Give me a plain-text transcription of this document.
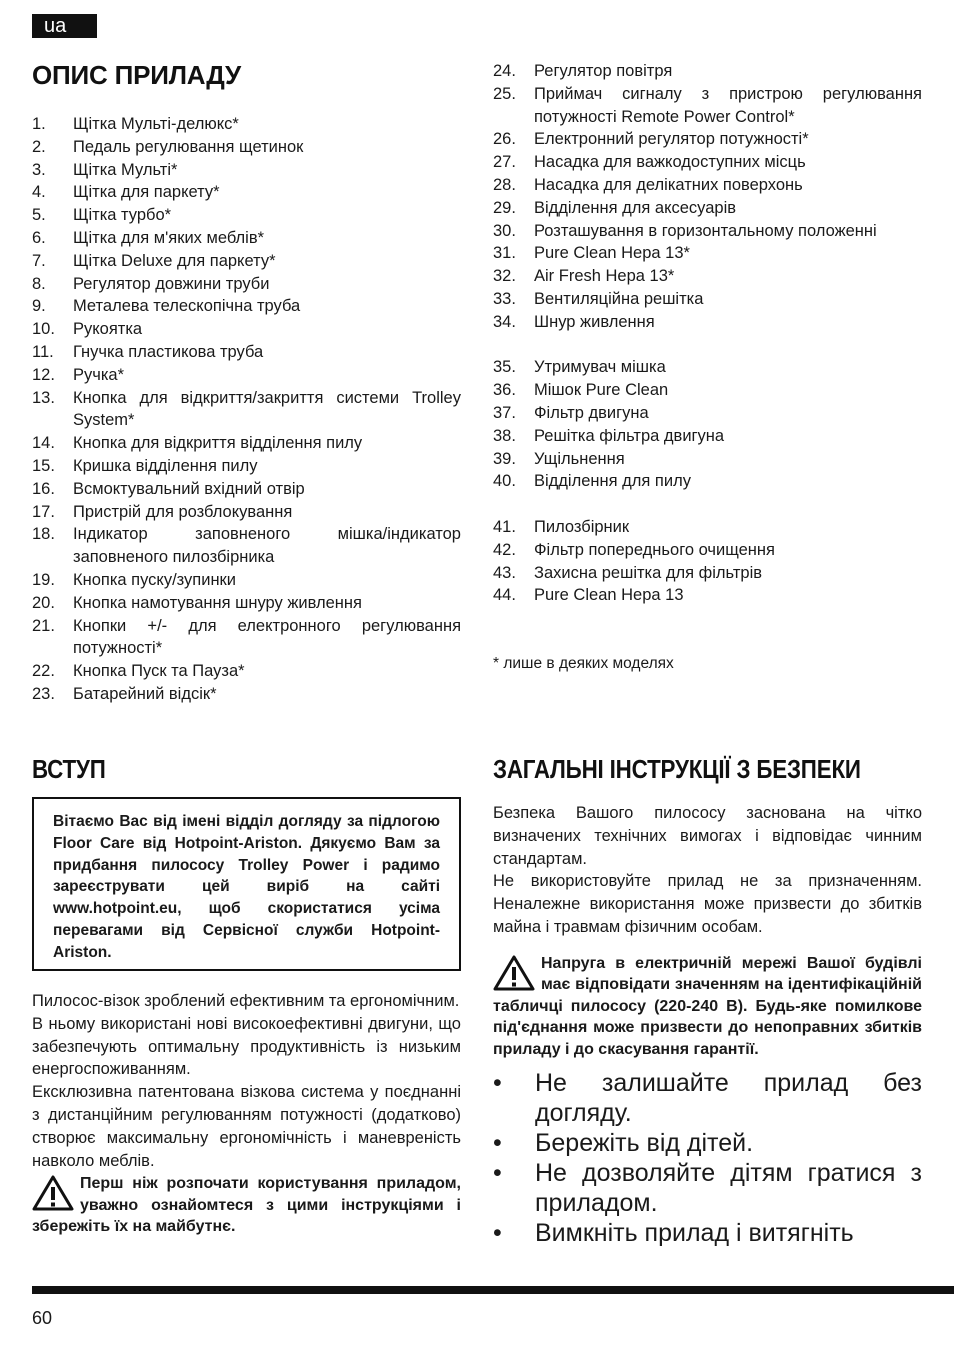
ua
ОПИС ПРИЛАДУ
1.	Щітка Мульті-делюкс*
2.	Педаль регулювання щетинок
3.	Щітка Мульті*
4.	Щітка для паркету*
5.	Щітка турбо*
6.	Щітка для м'яких меблів*
7.	Щітка Deluxe для паркету*
8.	Регулятор довжини труби
9.	Металева телескопічна труба
10.	Рукоятка
11.	Гнучка пластикова труба
12.	Ручка*
13.	Кнопка для відкриття/закриття системи Trolley System*
14.	Кнопка для відкриття відділення пилу
15.	Кришка відділення пилу
16.	Всмоктувальний вхідний отвір
17.	Пристрій для розблокування
18.	Індикатор заповненого мішка/індикатор заповненого пилозбірника
19.	Кнопка пуску/зупинки
20.	Кнопка намотування шнуру живлення
21.	Кнопки +/- для електронного регулювання потужності*
22.	Кнопка Пуск та Пауза*
23.	Батарейний відсік*
24.	Регулятор повітря
25.	Приймач сигналу з пристрою регулювання потужності Remote Power Control*
26.	Електронний регулятор потужності*
27.	Насадка для важкодоступних місць
28.	Насадка для делікатних поверхонь
29.	Відділення для аксесуарів
30.	Розташування в горизонтальному положенні
31.	Pure Clean Hepa 13*
32.	Air Fresh Hepa 13*
33.	Вентиляційна решітка
34.	Шнур живлення
35.	Утримувач мішка
36.	Мішок Pure Clean
37.	Фільтр двигуна
38.	Решітка фільтра двигуна
39.	Ущільнення
40.	Відділення для пилу
41.	Пилозбірник
42.	Фільтр попереднього очищення
43.	Захисна решітка для фільтрів
44.	Pure Clean Hepa 13

* лише в деяких моделях

ВСТУП
Вітаємо Вас від імені відділ догляду за підлогою Floor Care від Hotpoint-Ariston. Дякуємо Вам за придбання пилососу Trolley Power і радимо зареєструвати цей виріб на сайті www.hotpoint.eu, щоб скористатися усіма перевагами від Сервісної служби Hotpoint-Ariston.

Пилосос-візок зроблений ефективним та ергономічним.

В ньому використані нові високоефективні двигуни, що забезпечують оптимальну продуктивність із низьким енергоспоживанням.

Ексклюзивна патентована візкова система у поєднанні з дистанційним регулюванням потужності (додатково) створює максимальну ергономічність і маневреність навколо меблів.

Перш ніж розпочати користування приладом, уважно ознайомтеся з цими інструкціями і збережіть їх на майбутнє.

ЗАГАЛЬНІ ІНСТРУКЦІЇ З БЕЗПЕКИ

Безпека Вашого пилососу заснована на чітко визначених технічних вимогах і відповідає чинним стандартам.

Не використовуйте прилад не за призначенням. Неналежне використання може призвести до збитків майна і травмам фізичним особам.

Напруга в електричній мережі Вашої будівлі має відповідати значенням на ідентифікаційній табличці пилососу (220-240 В). Будь-яке помилкове під'єднання може призвести до непоправних збитків приладу і до скасування гарантії.

•	Не залишайте прилад без догляду.
•	Бережіть від дітей.
•	Не дозволяйте дітям гратися з приладом.
•	Вимкніть прилад і витягніть
60
